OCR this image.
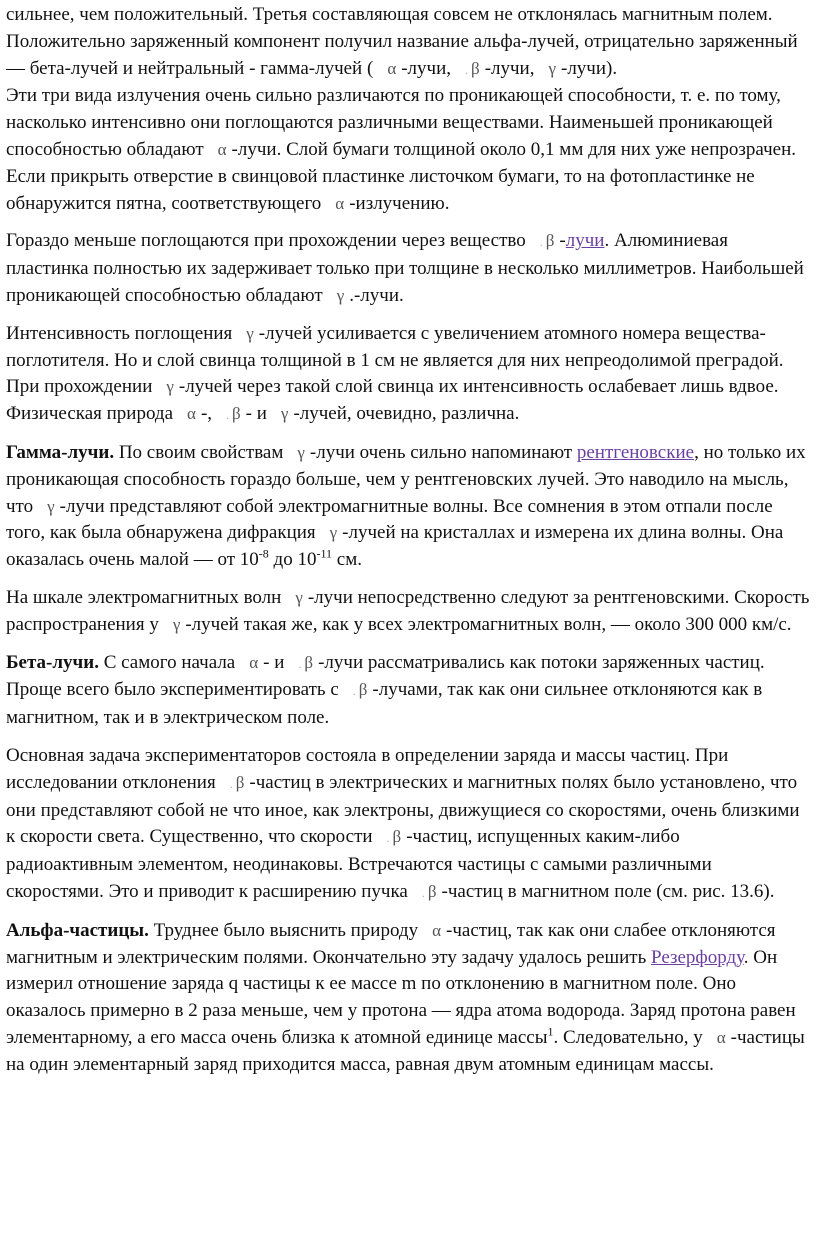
сильнее, чем положительный. Третья составляющая совсем не отклонялась магнитным полем. Положительно заряженный компонент получил название альфа-лучей, отрицательно заряженный — бета-лучей и нейтральный - гамма-лучей ( α -лучи, . β -лучи, γ -лучи).

Эти три вида излучения очень сильно различаются по проникающей способности, т. е. по тому, насколько интенсивно они поглощаются различными веществами. Наименьшей проникающей способностью обладают α -лучи. Слой бумаги толщиной около 0,1 мм для них уже непрозрачен. Если прикрыть отверстие в свинцовой пластинке листочком бумаги, то на фотопластинке не обнаружится пятна, соответствующего α -излучению.

Гораздо меньше поглощаются при прохождении через вещество . β -лучи. Алюминиевая пластинка полностью их задерживает только при толщине в несколько миллиметров. Наибольшей проникающей способностью обладают γ .-лучи.

Интенсивность поглощения γ -лучей усиливается с увеличением атомного номера вещества-поглотителя. Но и слой свинца толщиной в 1 см не является для них непреодолимой преградой. При прохождении γ -лучей через такой слой свинца их интенсивность ослабевает лишь вдвое. Физическая природа α -, . β - и γ -лучей, очевидно, различна.

Гамма-лучи. По своим свойствам γ -лучи очень сильно напоминают рентгеновские, но только их проникающая способность гораздо больше, чем у рентгеновских лучей. Это наводило на мысль, что γ -лучи представляют собой электромагнитные волны. Все сомнения в этом отпали после того, как была обнаружена дифракция γ -лучей на кристаллах и измерена их длина волны. Она оказалась очень малой — от $10^{-8}$ до $10^{-11}$ см.

На шкале электромагнитных волн γ -лучи непосредственно следуют за рентгеновскими. Скорость распространения у γ -лучей такая же, как у всех электромагнитных волн, — около 300 000 км/с.

Бета-лучи. С самого начала α - и . β -лучи рассматривались как потоки заряженных частиц. Проще всего было экспериментировать с . β -лучами, так как они сильнее отклоняются как в магнитном, так и в электрическом поле.

Основная задача экспериментаторов состояла в определении заряда и массы частиц. При исследовании отклонения . β -частиц в электрических и магнитных полях было установлено, что они представляют собой не что иное, как электроны, движущиеся со скоростями, очень близкими к скорости света. Существенно, что скорости . β -частиц, испущенных каким-либо радиоактивным элементом, неодинаковы. Встречаются частицы с самыми различными скоростями. Это и приводит к расширению пучка . β -частиц в магнитном поле (см. рис. 13.6).

Альфа-частицы. Труднее было выяснить природу α -частиц, так как они слабее отклоняются магнитным и электрическим полями. Окончательно эту задачу удалось решить Резерфорду. Он измерил отношение заряда q частицы к ее массе m по отклонению в магнитном поле. Оно оказалось примерно в 2 раза меньше, чем у протона — ядра атома водорода. Заряд протона равен элементарному, а его масса очень близка к атомной единице массы$^1$. Следовательно, у α -частицы на один элементарный заряд приходится масса, равная двум атомным единицам массы.
